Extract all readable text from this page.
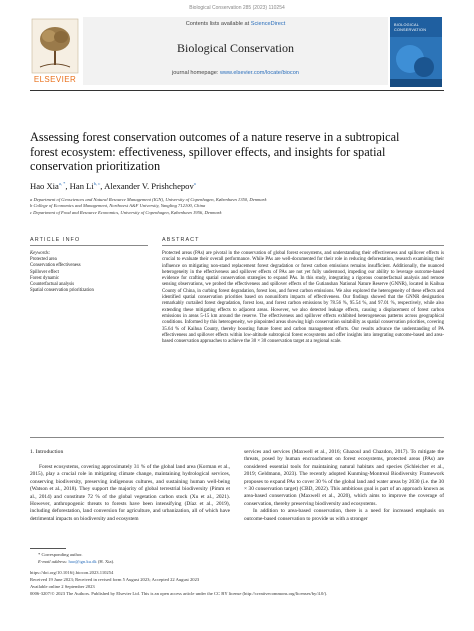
Biological Conservation 285 (2023) 110254
ELSEVIER
Contents lists available at ScienceDirect
Biological Conservation
journal homepage: www.elsevier.com/locate/biocon
BIOLOGICAL CONSERVATION
Assessing forest conservation outcomes of a nature reserve in a subtropical forest ecosystem: effectiveness, spillover effects, and insights for spatial conservation prioritization
Hao Xia$^{a, *}$, Han Li$^{b, c}$, Alexander V. Prishchepov$^a$
a Department of Geosciences and Natural Resource Management (IGN), University of Copenhagen, København 1350, Denmark
b College of Economics and Management, Northwest A&F University, Yangling 712100, China
c Department of Food and Resource Economics, University of Copenhagen, København 1956, Denmark
ARTICLE INFO	ABSTRACT
Keywords:
Protected area
Conservation effectiveness
Spillover effect
Forest dynamic
Counterfactual analysis
Spatial conservation prioritization
Protected areas (PAs) are pivotal in the conservation of global forest ecosystems, and understanding their effectiveness and spillover effects is crucial to evaluate their overall performance. While PAs are well-documented for their role in reducing deforestation, research examining their influence on mitigating non-stand replacement forest degradation or forest carbon emissions remains insufficient. Additionally, the nuanced heterogeneity in the effectiveness and spillover effects of PAs are not yet fully understood, impeding our ability to leverage outcome-based evidence for crafting spatial conservation strategies to expand PAs. In this study, integrating a rigorous counterfactual analysis and remote sensing observations, we probed the effectiveness and spillover effects of the Gutianshan National Nature Reserve (GNNR), located in Kaihua County of China, in curbing forest degradation, forest loss, and forest carbon emissions. We also explored the heterogeneity of these effects and identified spatial conservation priorities based on nonuniform impacts of effectiveness. Our findings showed that the GNNR designation remarkably curtailed forest degradation, forest loss, and forest carbon emissions by 78.56 %, 95.54 %, and 97.01 %, respectively, while also extending these mitigating effects to adjacent areas. However, we also detected leakage effects, causing a displacement of forest carbon emissions in areas 5-15 km around the reserve. The effectiveness and spillover effects exhibited heterogeneous patterns across geographical conditions. Informed by this heterogeneity, we pinpointed areas showing high conservation suitability as spatial conservation priorities, covering 35.64 % of Kaihua County, thereby boosting future forest and carbon management efforts. Our results advance the understanding of PA effectiveness and spillover effects within low-altitude subtropical forest ecosystems and offer insights into integrating outcome-based and area-based conservation approaches to achieve the 30 × 30 conservation target at a regional scale.
1. Introduction
Forest ecosystems, covering approximately 31 % of the global land area (Korman et al., 2015), play a crucial role in mitigating climate change, maintaining hydrological services, conserving biodiversity, preserving indigenous cultures, and sustaining human well-being (Watson et al., 2018). They support the majority of global terrestrial biodiversity (Pimm et al., 2014) and constitute 72 % of the global vegetation carbon stock (Xu et al., 2021). However, anthropogenic threats to forests have been intensifying (Díaz et al., 2019), including deforestation, land conversion for agriculture, and urbanization, all of which have detrimental impacts on biodiversity and ecosystem
services and services (Maxwell et al., 2016; Ghazoul and Chazdon, 2017). To mitigate the threats, posed by human encroachment on forest ecosystems, protected areas (PAs) are considered essential tools for maintaining natural habitats and species (Schleicher et al., 2019; Geldmann, 2023). The recently adopted Kunming-Montreal Biodiversity Framework proposes to expand PAs to cover 30 % of the global land and water areas by 2030 (i.e. the 30 × 30 conservation target) (CBD, 2022). This ambitious goal is part of an approach known as area-based conservation (Maxwell et al., 2020), which aims to improve the coverage of conservation, thereby preserving biodiversity and ecosystems.
In addition to area-based conservation, there is a need for increased emphasis on outcome-based conservation to provide us with a stronger
* Corresponding author.
E-mail address: hao@ign.ku.dk (H. Xia).
https://doi.org/10.1016/j.biocon.2023.110254
Received 19 June 2023; Received in revised form 5 August 2023; Accepted 22 August 2023
Available online 2 September 2023
0006-3207/© 2023 The Authors. Published by Elsevier Ltd. This is an open access article under the CC BY license (http://creativecommons.org/licenses/by/4.0/).
